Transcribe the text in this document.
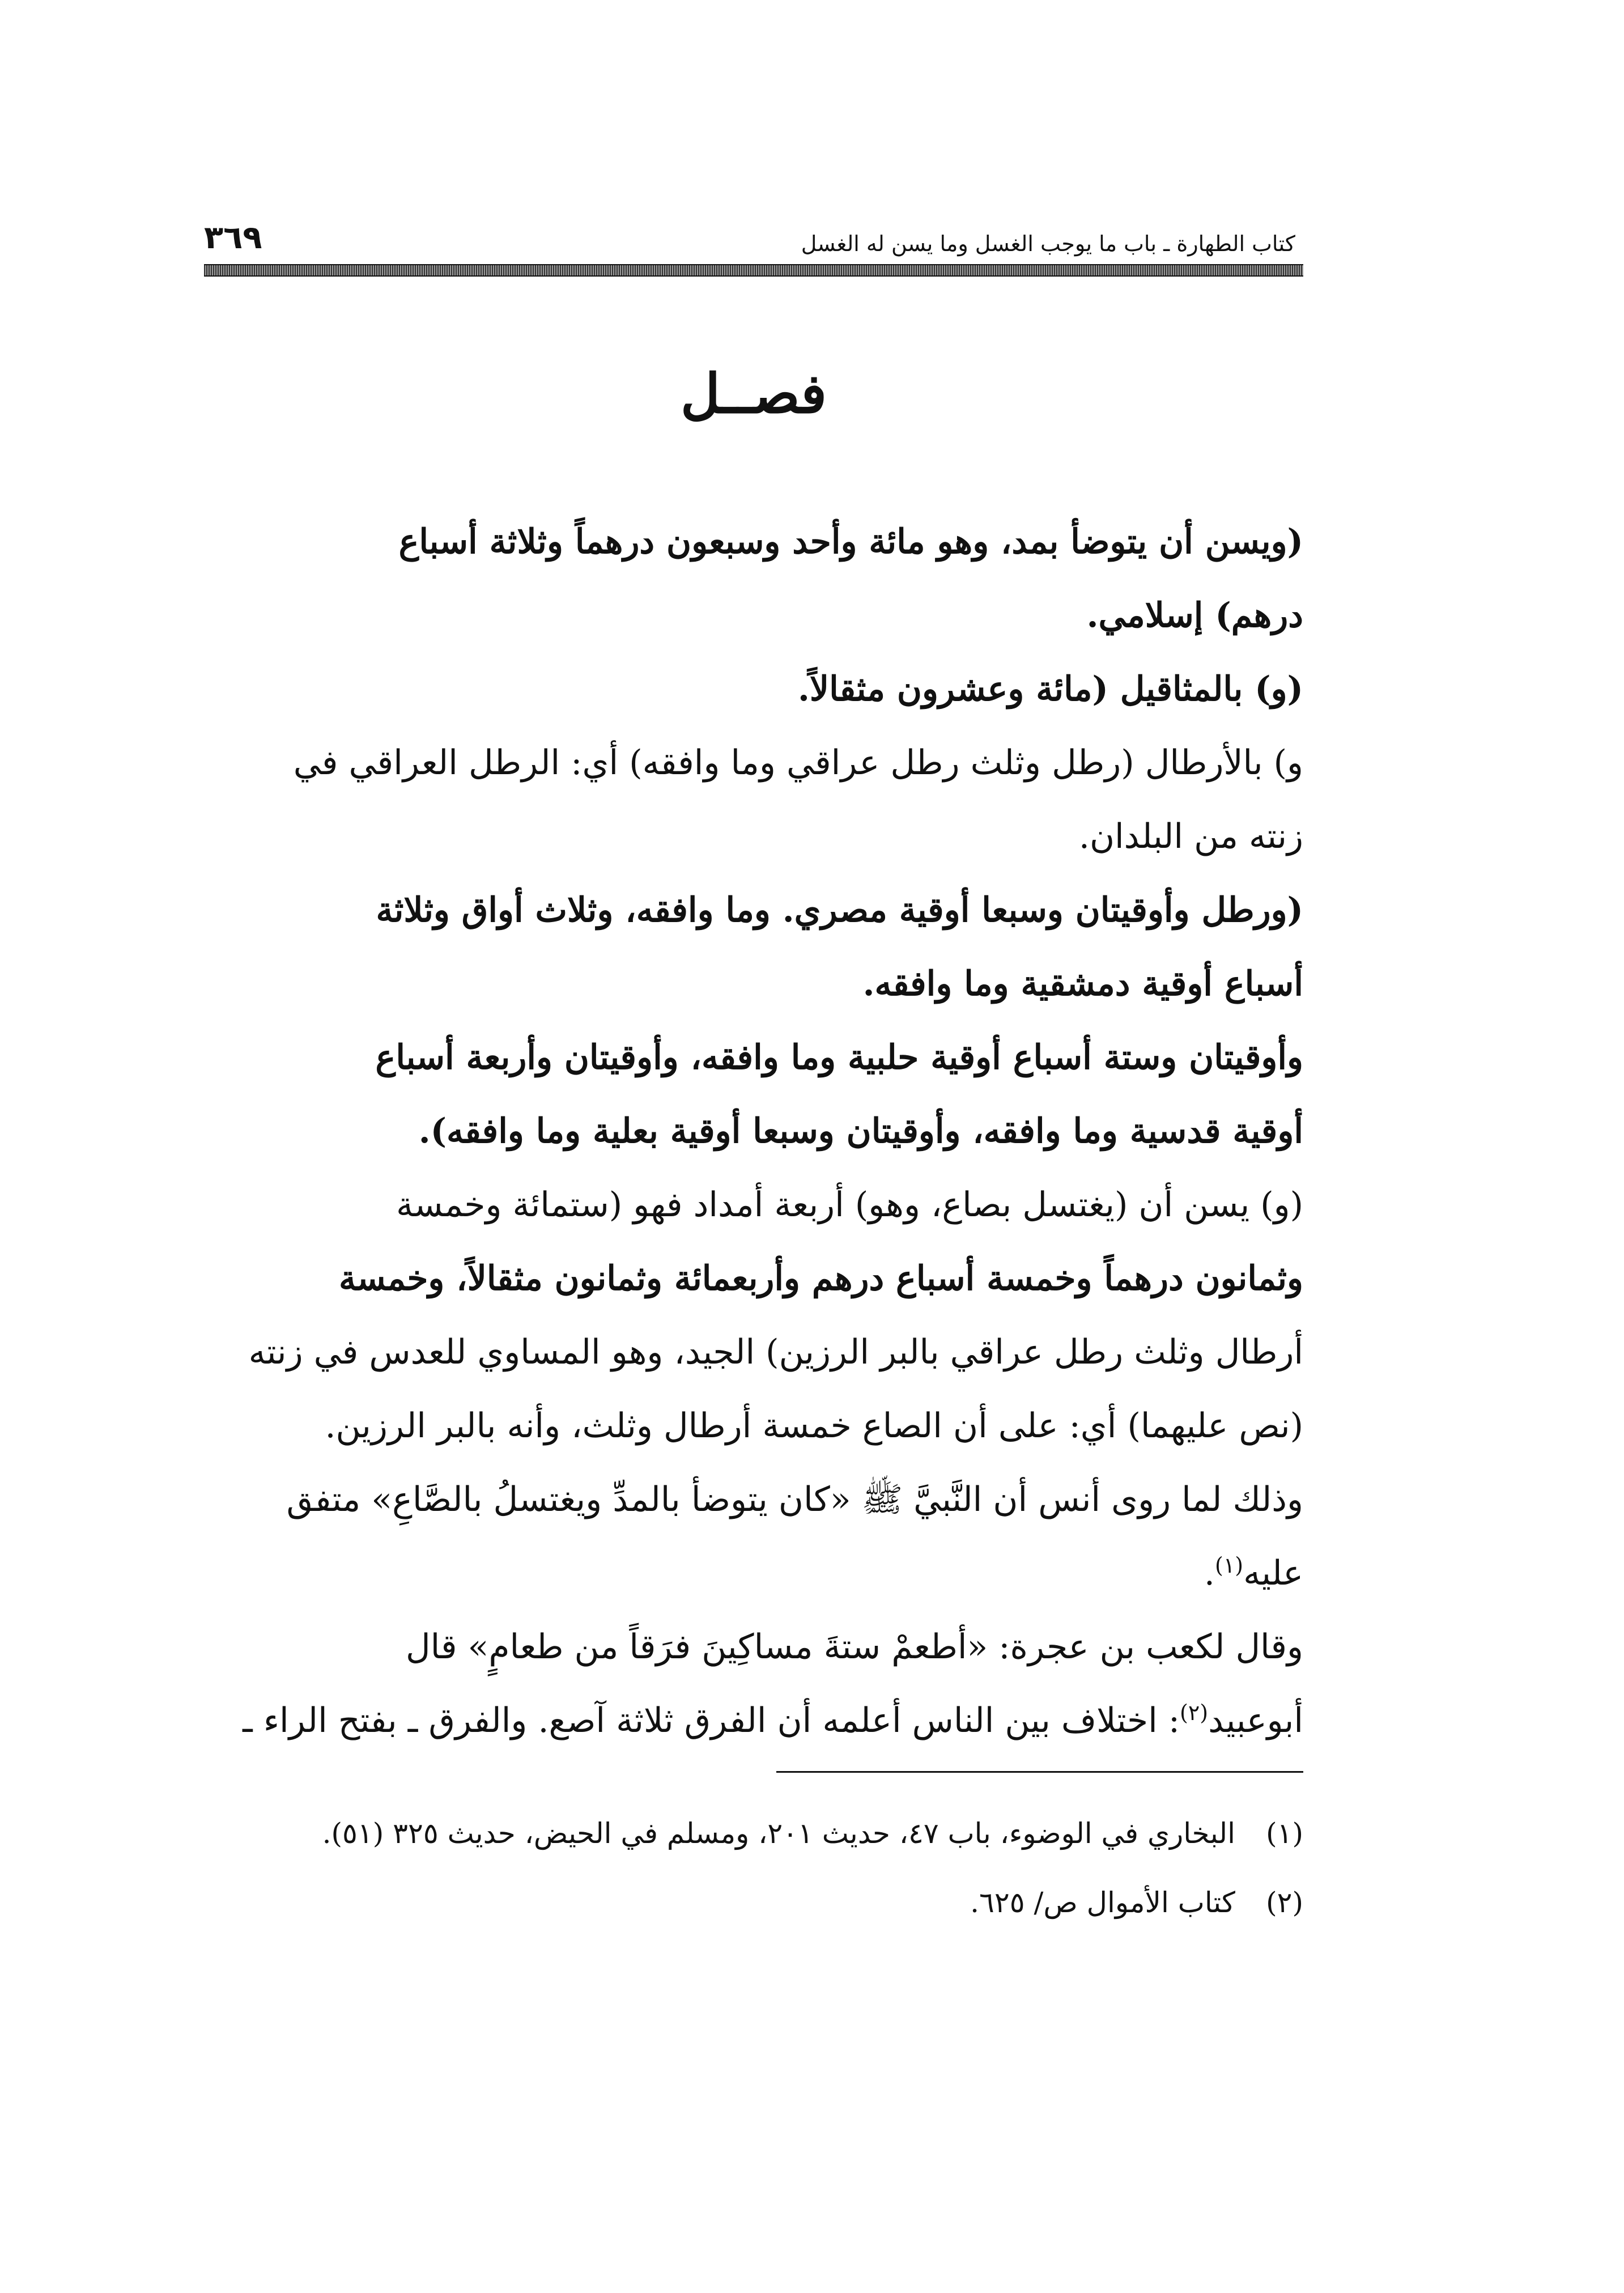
كتاب الطهارة ـ باب ما يوجب الغسل وما يسن له الغسل
٣٦٩
فصــل

(ويسن أن يتوضأ بمد، وهو مائة وأحد وسبعون درهماً وثلاثة أسباع
درهم) إسلامي.

(و) بالمثاقيل (مائة وعشرون مثقالاً.

و) بالأرطال (رطل وثلث رطل عراقي وما وافقه) أي: الرطل العراقي في
زنته من البلدان.

(ورطل وأوقيتان وسبعا أوقية مصري. وما وافقه، وثلاث أواق وثلاثة
أسباع أوقية دمشقية وما وافقه.

وأوقيتان وستة أسباع أوقية حلبية وما وافقه، وأوقيتان وأربعة أسباع
أوقية قدسية وما وافقه، وأوقيتان وسبعا أوقية بعلية وما وافقه).

(و) يسن أن (يغتسل بصاع، وهو) أربعة أمداد فهو (ستمائة وخمسة
وثمانون درهماً وخمسة أسباع درهم وأربعمائة وثمانون مثقالاً، وخمسة
أرطال وثلث رطل عراقي بالبر الرزين) الجيد، وهو المساوي للعدس في زنته
(نص عليهما) أي: على أن الصاع خمسة أرطال وثلث، وأنه بالبر الرزين.
وذلك لما روى أنس أن النَّبيَّ ﷺ «كان يتوضأ بالمدِّ ويغتسلُ بالصَّاعِ» متفق
عليه$^{(١)}$.

وقال لكعب بن عجرة: «أطعمْ ستةَ مساكِينَ فرَقاً من طعامٍ» قال
أبوعبيد$^{(٢)}$: اختلاف بين الناس أعلمه أن الفرق ثلاثة آصع. والفرق ـ بفتح الراء ـ

(١)
البخاري في الوضوء، باب ٤٧، حديث ٢٠١، ومسلم في الحيض، حديث ٣٢٥ (٥١).
(٢)
كتاب الأموال ص/ ٦٢٥.
